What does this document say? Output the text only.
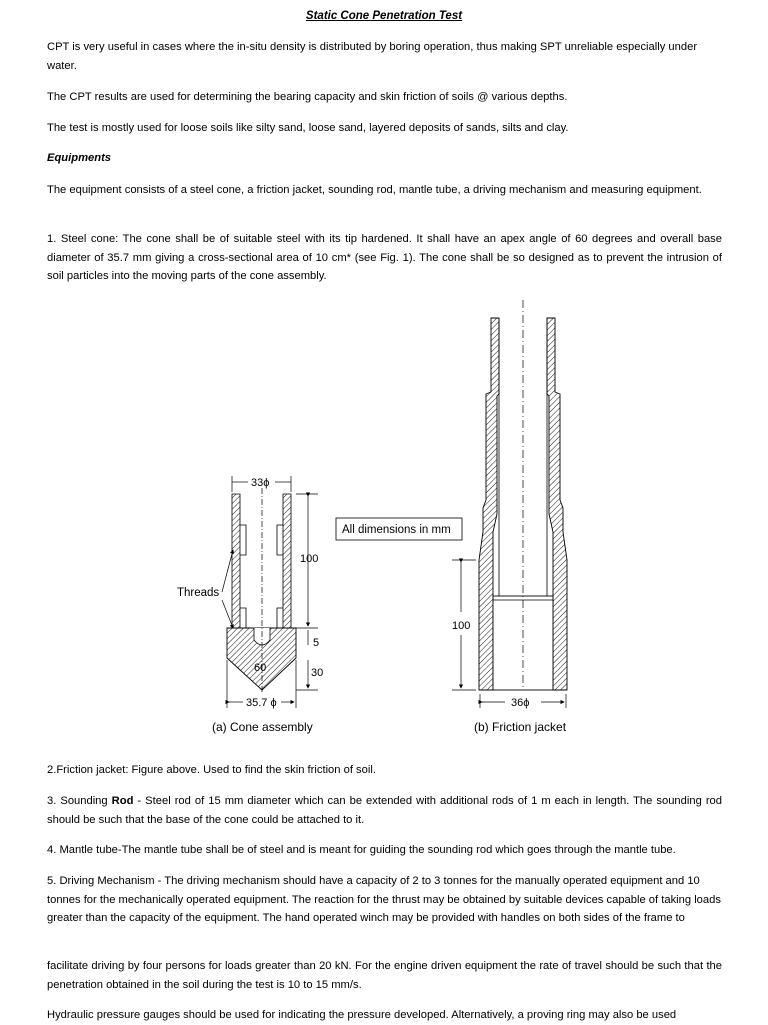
Static Cone Penetration Test
CPT is very useful in cases where the in-situ density is distributed by boring operation, thus making SPT unreliable especially under water.
The CPT results are used for determining the bearing capacity and skin friction of soils @ various depths.
The test is mostly used for loose soils like silty sand, loose sand, layered deposits of sands, silts and clay.
Equipments
The equipment consists of a steel cone, a friction jacket, sounding rod, mantle tube, a driving mechanism and measuring equipment.
1. Steel cone: The cone shall be of suitable steel with its tip hardened. It shall have an apex angle of 60 degrees and overall base diameter of 35.7 mm giving a cross-sectional area of 10 cm* (see Fig. 1). The cone shall be so designed as to prevent the intrusion of soil particles into the moving parts of the cone assembly.
33ϕ
100
5
30
60
Threads
35.7 ϕ
(a) Cone assembly
All dimensions in mm
100
36ϕ
(b) Friction jacket
2.Friction jacket: Figure above. Used to find the skin friction of soil.
3. Sounding Rod - Steel rod of 15 mm diameter which can be extended with additional rods of 1 m each in length. The sounding rod should be such that the base of the cone could be attached to it.
4. Mantle tube-The mantle tube shall be of steel and is meant for guiding the sounding rod which goes through the mantle tube.
5. Driving Mechanism - The driving mechanism should have a capacity of 2 to 3 tonnes for the manually operated equipment and 10 tonnes for the mechanically operated equipment. The reaction for the thrust may be obtained by suitable devices capable of taking loads greater than the capacity of the equipment. The hand operated winch may be provided with handles on both sides of the frame to
facilitate driving by four persons for loads greater than 20 kN. For the engine driven equipment the rate of travel should be such that the penetration obtained in the soil during the test is 10 to 15 mm/s.
Hydraulic pressure gauges should be used for indicating the pressure developed. Alternatively, a proving ring may also be used
